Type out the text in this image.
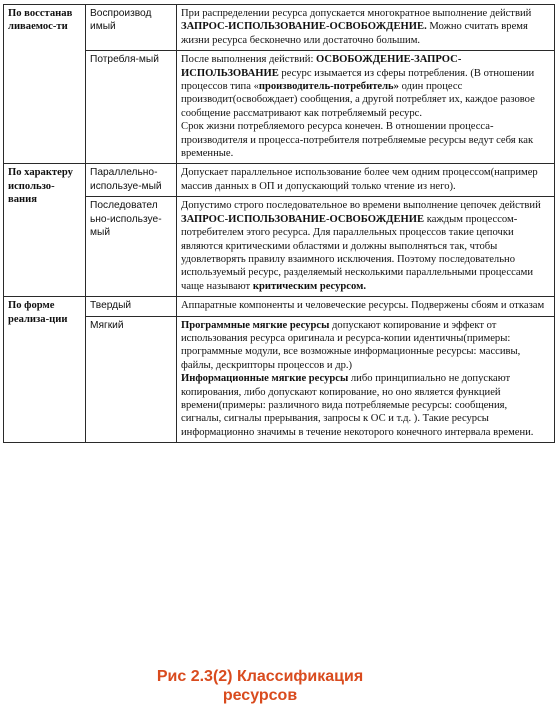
По восстанав ливаемос-ти	Воспроизвод имый	При распределении ресурса допускается многократное выполнение действий ЗАПРОС-ИСПОЛЬЗОВАНИЕ-ОСВОБОЖДЕНИЕ. Можно считать время жизни ресурса бесконечно или достаточно большим.
	Потребля-мый	После выполнения действий: ОСВОБОЖДЕНИЕ-ЗАПРОС-ИСПОЛЬЗОВАНИЕ ресурс изымается из сферы потребления. (В отношении процессов типа «производитель-потребитель» один процесс производит(освобождает) сообщения, а другой потребляет их, каждое разовое сообщение рассматривают как потребляемый ресурс.
Срок жизни потребляемого ресурса конечен. В отношении процесса-производителя и процесса-потребителя потребляемые ресурсы ведут себя как временные.
По характеру использо-вания	Параллельно-используе-мый	Допускает параллельное использование более чем одним процессом(например массив данных в ОП и допускающий только чтение из него).
	Последовател ьно-используе-мый	Допустимо строго последовательное во времени выполнение цепочек действий
ЗАПРОС-ИСПОЛЬЗОВАНИЕ-ОСВОБОЖДЕНИЕ каждым процессом-потребителем этого ресурса. Для параллельных процессов такие цепочки являются критическими областями и должны выполняться так, чтобы удовлетворять правилу взаимного исключения. Поэтому последовательно используемый ресурс, разделяемый несколькими параллельными процессами чаще называют критическим ресурсом.
По форме реализа-ции	Твердый	Аппаратные компоненты и человеческие ресурсы. Подвержены сбоям и отказам
	Мягкий	Программные мягкие ресурсы допускают копирование и эффект от использования ресурса оригинала и ресурса-копии идентичны(примеры: программные модули, все возможные информационные ресурсы: массивы, файлы, дескрипторы процессов и др.)
Информационные мягкие ресурсы либо принципиально не допускают копирования, либо допускают копирование, но оно является функцией времени(примеры: различного вида потребляемые ресурсы: сообщения, сигналы, сигналы прерывания, запросы к ОС и т.д. ). Такие ресурсы информационно значимы в течение некоторого конечного интервала времени.
Рис 2.3(2) Классификация
ресурсов
